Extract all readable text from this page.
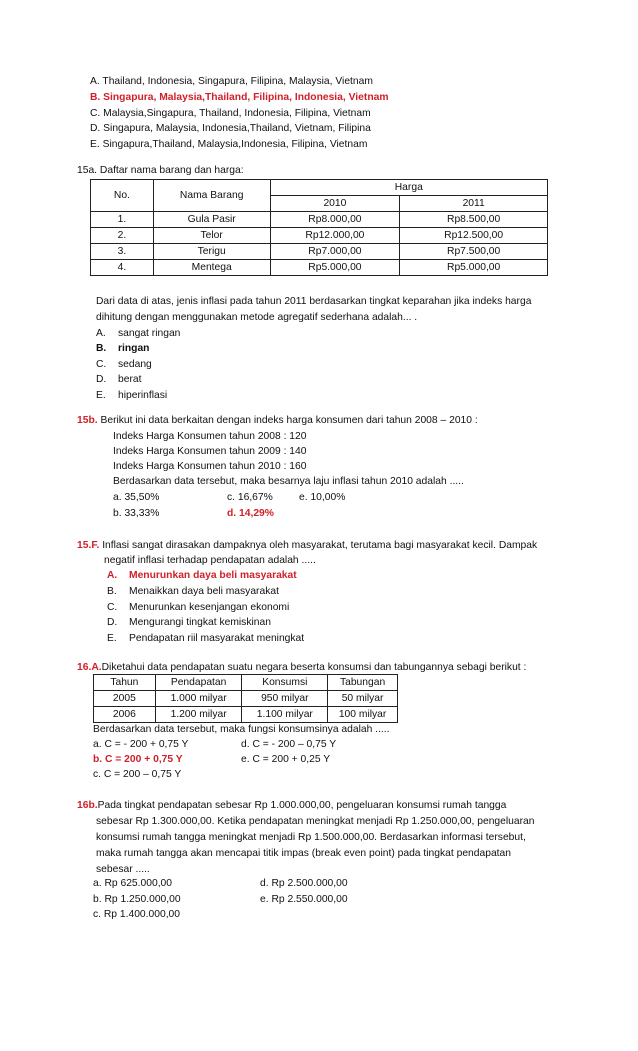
A. Thailand, Indonesia, Singapura, Filipina, Malaysia, Vietnam
B. Singapura, Malaysia,Thailand, Filipina, Indonesia, Vietnam
C. Malaysia,Singapura, Thailand, Indonesia, Filipina, Vietnam
D. Singapura, Malaysia, Indonesia,Thailand, Vietnam, Filipina
E. Singapura,Thailand, Malaysia,Indonesia, Filipina, Vietnam
15a. Daftar nama barang dan harga:
No.	Nama Barang	Harga	
		2010	2011
1.	Gula Pasir	Rp8.000,00	Rp8.500,00
2.	Telor	Rp12.000,00	Rp12.500,00
3.	Terigu	Rp7.000,00	Rp7.500,00
4.	Mentega	Rp5.000,00	Rp5.000,00
Dari data di atas, jenis inflasi pada tahun 2011 berdasarkan tingkat keparahan jika indeks harga
dihitung dengan menggunakan metode agregatif sederhana adalah... .
A. sangat ringan
B. ringan
C. sedang
D. berat
E. hiperinflasi
15b. Berikut ini data berkaitan dengan indeks harga konsumen dari tahun 2008 – 2010 :
Indeks Harga Konsumen tahun 2008 : 120
Indeks Harga Konsumen tahun 2009 : 140
Indeks Harga Konsumen tahun 2010 : 160
Berdasarkan data tersebut, maka besarnya laju inflasi tahun 2010 adalah .....
a. 35,50%	c. 16,67%	e. 10,00%
b. 33,33%	d. 14,29%
15.F. Inflasi sangat dirasakan dampaknya oleh masyarakat, terutama bagi masyarakat kecil. Dampak
negatif inflasi terhadap pendapatan adalah .....
A. Menurunkan daya beli masyarakat
B. Menaikkan daya beli masyarakat
C. Menurunkan kesenjangan ekonomi
D. Mengurangi tingkat kemiskinan
E. Pendapatan riil masyarakat meningkat
16.A.Diketahui data pendapatan suatu negara beserta konsumsi dan tabungannya sebagi berikut :
Tahun	Pendapatan	Konsumsi	Tabungan
2005	1.000 milyar	950 milyar	50 milyar
2006	1.200 milyar	1.100 milyar	100 milyar
Berdasarkan data tersebut, maka fungsi konsumsinya adalah .....
a. C = - 200 + 0,75 Y	d. C = - 200 – 0,75 Y
b. C = 200 + 0,75 Y	e. C = 200 + 0,25 Y
c. C = 200 – 0,75 Y
16b.Pada tingkat pendapatan sebesar Rp 1.000.000,00, pengeluaran konsumsi rumah tangga
sebesar Rp 1.300.000,00. Ketika pendapatan meningkat menjadi Rp 1.250.000,00, pengeluaran
konsumsi rumah tangga meningkat menjadi Rp 1.500.000,00. Berdasarkan informasi tersebut,
maka rumah tangga akan mencapai titik impas (break even point) pada tingkat pendapatan
sebesar .....
a. Rp 625.000,00	d. Rp 2.500.000,00
b. Rp 1.250.000,00	e. Rp 2.550.000,00
c. Rp 1.400.000,00
